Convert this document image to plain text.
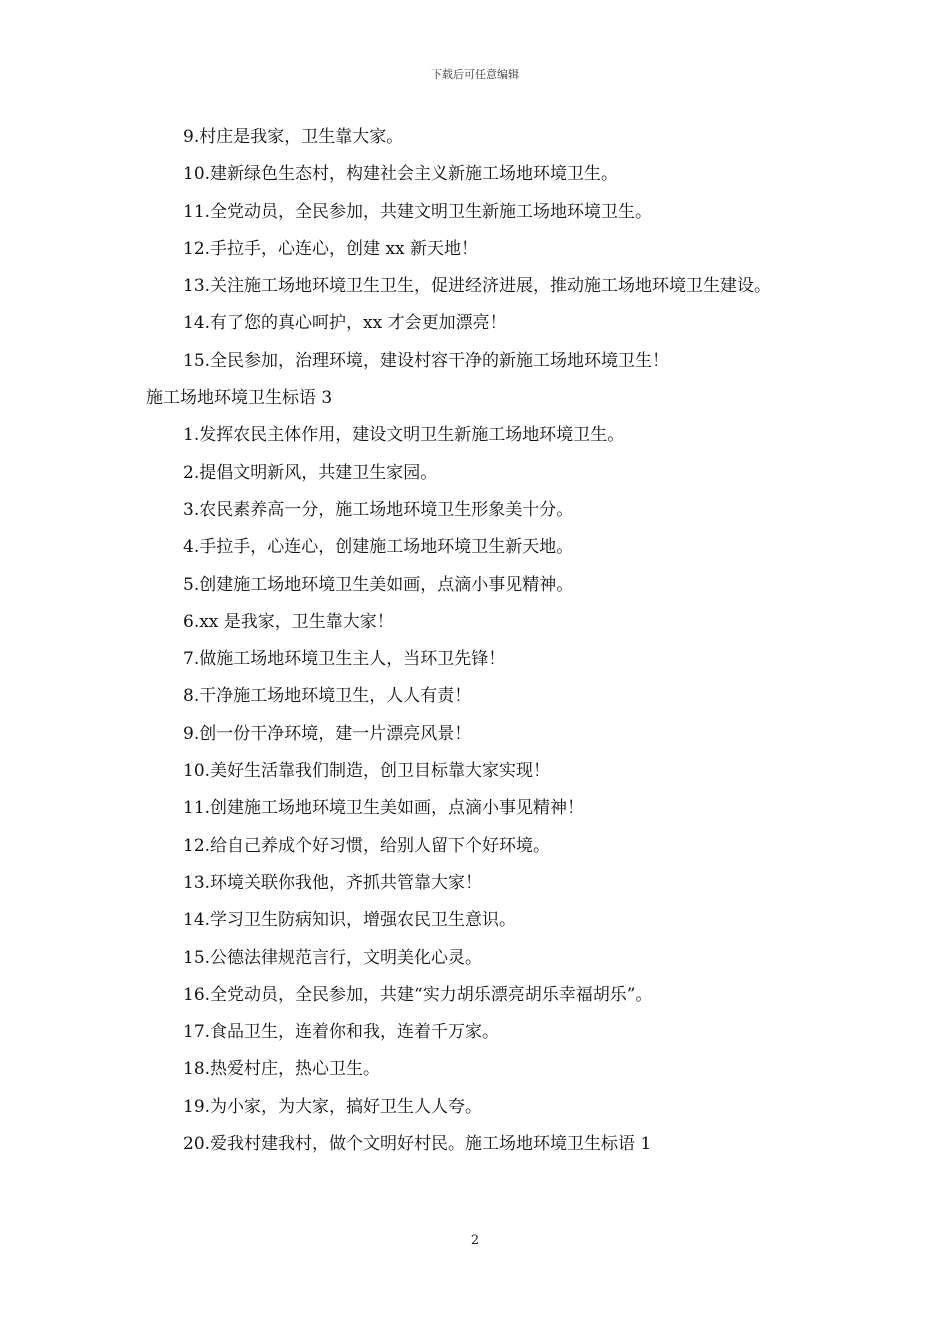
下载后可任意编辑
9.村庄是我家，卫生靠大家。
10.建新绿色生态村，构建社会主义新施工场地环境卫生。
11.全党动员，全民参加，共建文明卫生新施工场地环境卫生。
12.手拉手，心连心，创建 xx 新天地！
13.关注施工场地环境卫生卫生，促进经济进展，推动施工场地环境卫生建设。
14.有了您的真心呵护，xx 才会更加漂亮！
15.全民参加，治理环境，建设村容干净的新施工场地环境卫生！
施工场地环境卫生标语 3
1.发挥农民主体作用，建设文明卫生新施工场地环境卫生。
2.提倡文明新风，共建卫生家园。
3.农民素养高一分，施工场地环境卫生形象美十分。
4.手拉手，心连心，创建施工场地环境卫生新天地。
5.创建施工场地环境卫生美如画，点滴小事见精神。
6.xx 是我家，卫生靠大家！
7.做施工场地环境卫生主人，当环卫先锋！
8.干净施工场地环境卫生，人人有责！
9.创一份干净环境，建一片漂亮风景！
10.美好生活靠我们制造，创卫目标靠大家实现！
11.创建施工场地环境卫生美如画，点滴小事见精神！
12.给自己养成个好习惯，给别人留下个好环境。
13.环境关联你我他，齐抓共管靠大家！
14.学习卫生防病知识，增强农民卫生意识。
15.公德法律规范言行，文明美化心灵。
16.全党动员，全民参加，共建“实力胡乐漂亮胡乐幸福胡乐”。
17.食品卫生，连着你和我，连着千万家。
18.热爱村庄，热心卫生。
19.为小家，为大家，搞好卫生人人夸。
20.爱我村建我村，做个文明好村民。施工场地环境卫生标语 1
2
